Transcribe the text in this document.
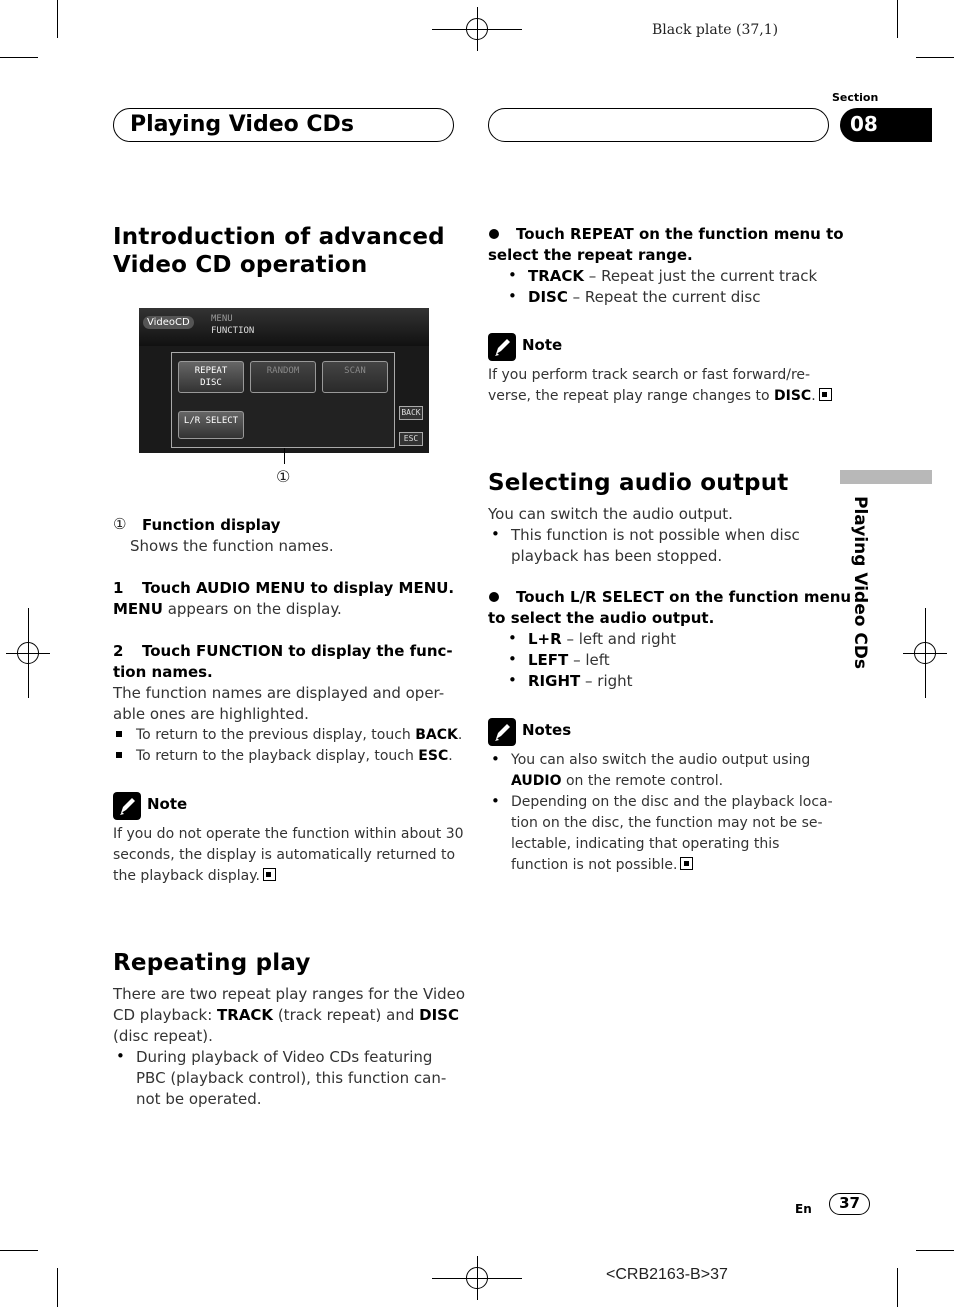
Black plate (37,1)
Playing Video CDs
Section
08
Playing Video CDs
Introduction of advanced
Video CD operation
VideoCD	MENU
FUNCTION
REPEAT
DISC
RANDOM	SCAN
L/R SELECT
BACK
ESC
①
① Function display
Shows the function names.
1 Touch AUDIO MENU to display MENU.
MENU appears on the display.
2 Touch FUNCTION to display the func-
tion names.
The function names are displayed and oper-
able ones are highlighted.
To return to the previous display, touch BACK.
To return to the playback display, touch ESC.
Note
If you do not operate the function within about 30
seconds, the display is automatically returned to
the playback display.
Repeating play
There are two repeat play ranges for the Video
CD playback: TRACK (track repeat) and DISC
(disc repeat).
• During playback of Video CDs featuring
PBC (playback control), this function can-
not be operated.
Touch REPEAT on the function menu to
select the repeat range.
• TRACK – Repeat just the current track
• DISC – Repeat the current disc
Note
If you perform track search or fast forward/re-
verse, the repeat play range changes to DISC.
Selecting audio output
You can switch the audio output.
• This function is not possible when disc
playback has been stopped.
Touch L/R SELECT on the function menu
to select the audio output.
• L+R – left and right
• LEFT – left
• RIGHT – right
Notes
• You can also switch the audio output using
AUDIO on the remote control.
• Depending on the disc and the playback loca-
tion on the disc, the function may not be se-
lectable, indicating that operating this
function is not possible.
En	37
<CRB2163-B>37
